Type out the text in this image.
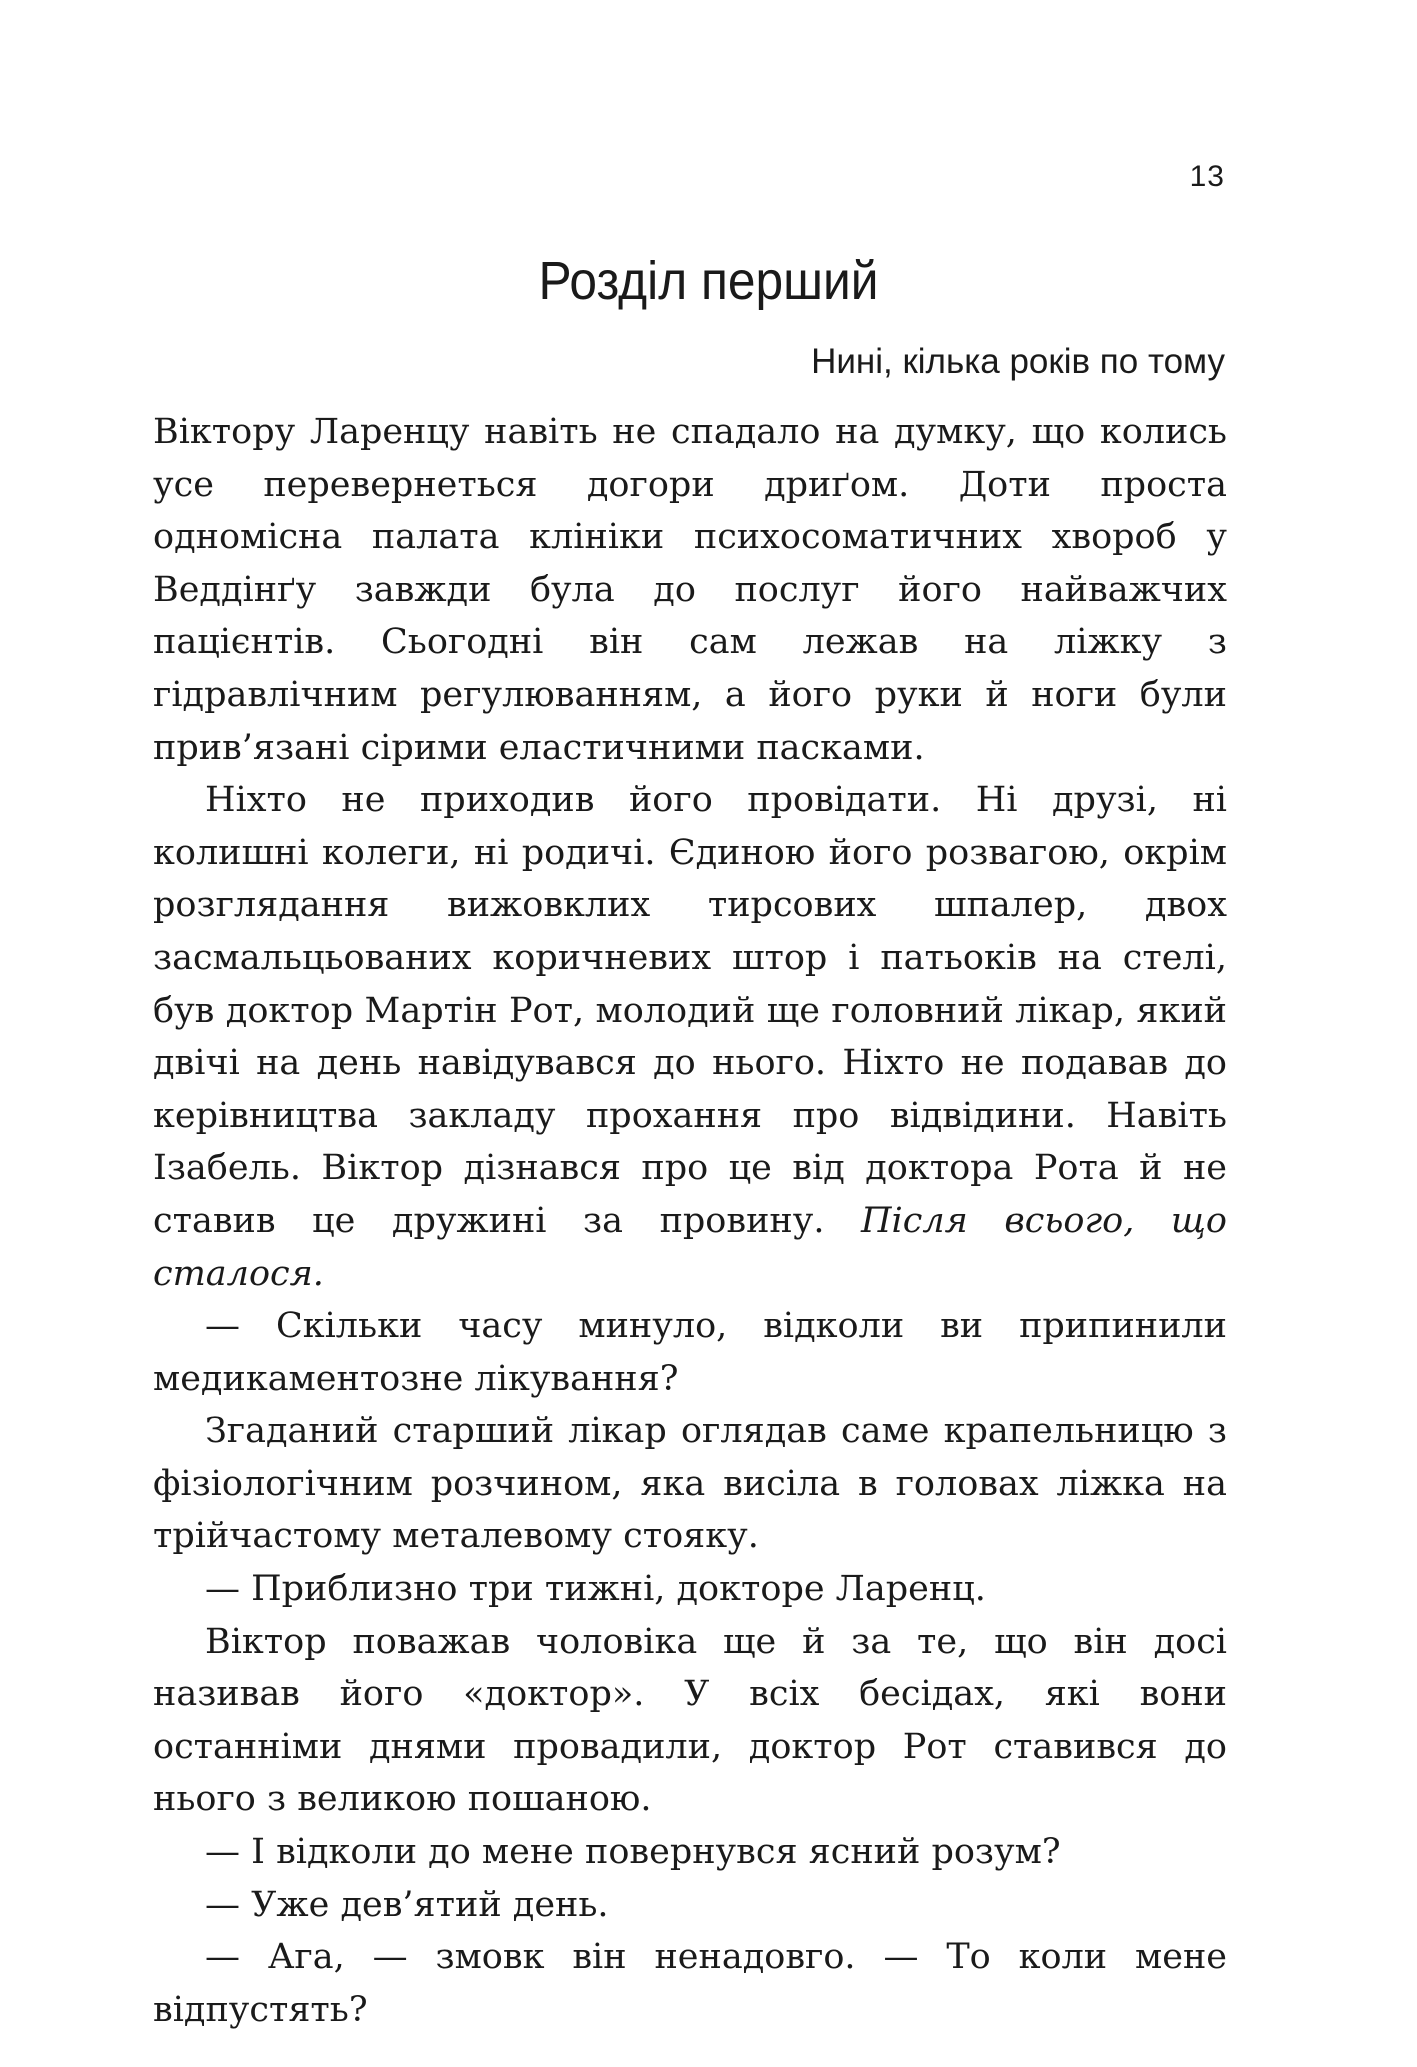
13
Розділ перший
Нині, кілька років по тому

Віктору Ларенцу навіть не спадало на думку, що колись усе перевернеться догори дриґом. Доти проста одномісна палата клініки психосоматичних хвороб у Веддінґу завжди була до послуг його найважчих пацієнтів. Сьогодні він сам лежав на ліжку з гідравлічним регулюванням, а його руки й ноги були прив’язані сірими еластичними пасками.

Ніхто не приходив його провідати. Ні друзі, ні колишні колеги, ні родичі. Єдиною його розвагою, окрім розглядання вижовклих тирсових шпалер, двох засмальцьованих коричневих штор і патьоків на стелі, був доктор Мартін Рот, молодий ще головний лікар, який двічі на день навідувався до нього. Ніхто не подавав до керівництва закладу прохання про відвідини. Навіть Ізабель. Віктор дізнався про це від доктора Рота й не ставив це дружині за провину. Після всього, що сталося.

— Скільки часу минуло, відколи ви припинили медикаментозне лікування?

Згаданий старший лікар оглядав саме крапельницю з фізіологічним розчином, яка висіла в головах ліжка на трійчастому металевому стояку.

— Приблизно три тижні, докторе Ларенц.

Віктор поважав чоловіка ще й за те, що він досі називав його «доктор». У всіх бесідах, які вони останніми днями провадили, доктор Рот ставився до нього з великою пошаною.

— І відколи до мене повернувся ясний розум?

— Уже дев’ятий день.

— Ага, — змовк він ненадовго. — То коли мене відпустять?
